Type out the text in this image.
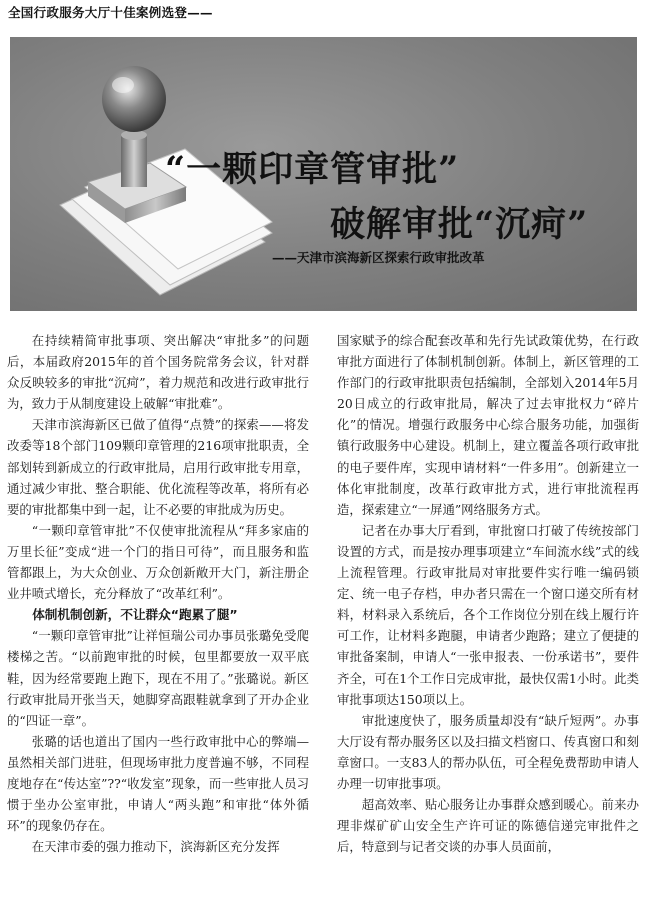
全国行政服务大厅十佳案例选登——
“一颗印章管审批”
破解审批“沉疴”
——天津市滨海新区探索行政审批改革

在持续精简审批事项、突出解决“审批多”的问题后，本届政府2015年的首个国务院常务会议，针对群众反映较多的审批“沉疴”，着力规范和改进行政审批行为，致力于从制度建设上破解“审批难”。

天津市滨海新区已做了值得“点赞”的探索——将发改委等18个部门109颗印章管理的216项审批职责，全部划转到新成立的行政审批局，启用行政审批专用章，通过减少审批、整合职能、优化流程等改革，将所有必要的审批都集中到一起，让不必要的审批成为历史。

“一颗印章管审批”不仅使审批流程从“拜多家庙的万里长征”变成“进一个门的指日可待”，而且服务和监管都跟上，为大众创业、万众创新敞开大门，新注册企业井喷式增长，充分释放了“改革红利”。

体制机制创新，不让群众“跑累了腿”

“一颗印章管审批”让祥恒瑞公司办事员张璐免受爬楼梯之苦。“以前跑审批的时候，包里都要放一双平底鞋，因为经常要跑上跑下，现在不用了。”张璐说。新区行政审批局开张当天，她脚穿高跟鞋就拿到了开办企业的“四证一章”。

张璐的话也道出了国内一些行政审批中心的弊端—虽然相关部门进驻，但现场审批力度普遍不够，不同程度地存在“传达室”??“收发室”现象，而一些审批人员习惯于坐办公室审批，申请人“两头跑”和审批“体外循环”的现象仍存在。

在天津市委的强力推动下，滨海新区充分发挥

国家赋予的综合配套改革和先行先试政策优势，在行政审批方面进行了体制机制创新。体制上，新区管理的工作部门的行政审批职责包括编制，全部划入2014年5月20日成立的行政审批局，解决了过去审批权力“碎片化”的情况。增强行政服务中心综合服务功能，加强街镇行政服务中心建设。机制上，建立覆盖各项行政审批的电子要件库，实现申请材料“一件多用”。创新建立一体化审批制度，改革行政审批方式，进行审批流程再造，探索建立“一屏通”网络服务方式。

记者在办事大厅看到，审批窗口打破了传统按部门设置的方式，而是按办理事项建立“车间流水线”式的线上流程管理。行政审批局对审批要件实行唯一编码锁定、统一电子存档，申办者只需在一个窗口递交所有材料，材料录入系统后，各个工作岗位分别在线上履行许可工作，让材料多跑腿，申请者少跑路；建立了便捷的审批备案制，申请人“一张申报表、一份承诺书”，要件齐全，可在1个工作日完成审批，最快仅需1小时。此类审批事项达150项以上。

审批速度快了，服务质量却没有“缺斤短两”。办事大厅设有帮办服务区以及扫描文档窗口、传真窗口和刻章窗口。一支83人的帮办队伍，可全程免费帮助申请人办理一切审批事项。

超高效率、贴心服务让办事群众感到暖心。前来办理非煤矿矿山安全生产许可证的陈德信递完审批件之后，特意到与记者交谈的办事人员面前，
